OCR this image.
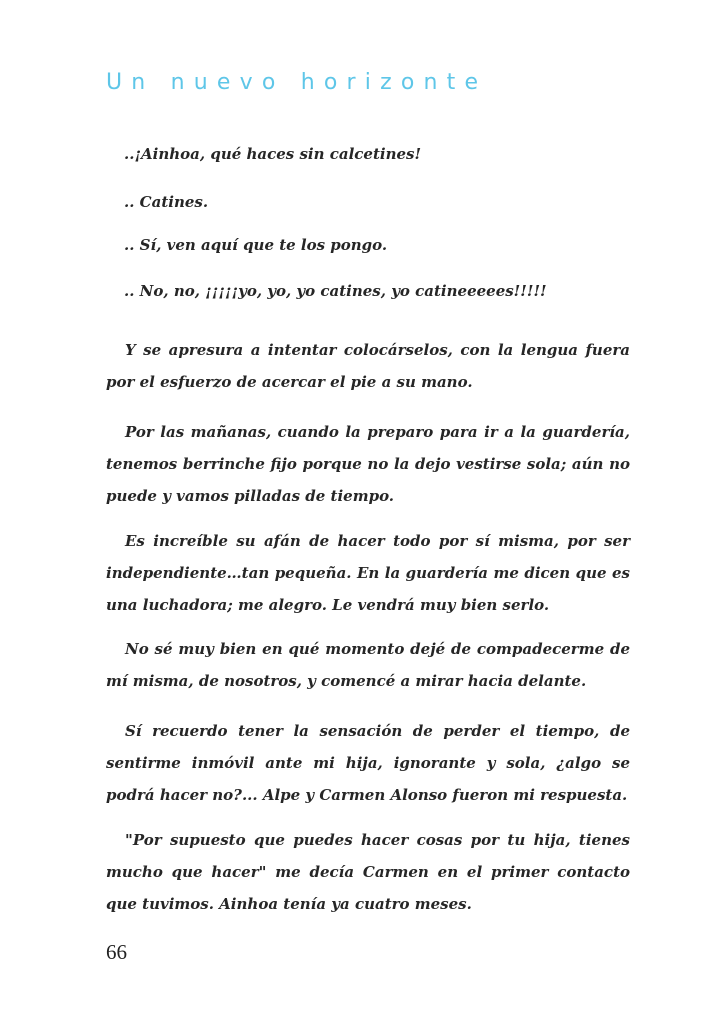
Un nuevo horizonte
..¡Ainhoa, qué haces sin calcetines!
.. Catines.
.. Sí, ven aquí que te los pongo.
.. No, no, ¡¡¡¡¡yo, yo, yo catines, yo catineeeees!!!!!

Y se apresura a intentar colocárselos, con la lengua fuera por el esfuerzo de acercar el pie a su mano.

Por las mañanas, cuando la preparo para ir a la guardería, tenemos berrinche fijo porque no la dejo vestirse sola; aún no puede y vamos pilladas de tiempo.

Es increíble su afán de hacer todo por sí misma, por ser independiente…tan pequeña. En la guardería me dicen que es una luchadora; me alegro. Le vendrá muy bien serlo.

No sé muy bien en qué momento dejé de compadecerme de mí misma, de nosotros, y comencé a mirar hacia delante.

Sí recuerdo tener la sensación de perder el tiempo, de sentirme inmóvil ante mi hija, ignorante y sola, ¿algo se podrá hacer no?... Alpe y Carmen Alonso fueron mi respuesta.

"Por supuesto que puedes hacer cosas por tu hija, tienes mucho que hacer" me decía Carmen en el primer contacto que tuvimos. Ainhoa tenía ya cuatro meses.

66
